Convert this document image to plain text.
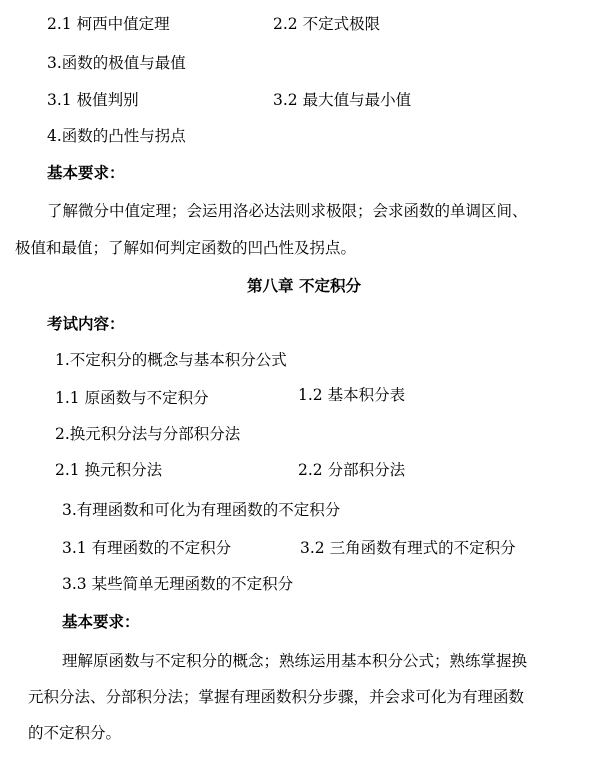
2.1 柯西中值定理	2.2 不定式极限
3.函数的极值与最值
3.1 极值判别	3.2 最大值与最小值
4.函数的凸性与拐点
基本要求：
了解微分中值定理；会运用洛必达法则求极限；会求函数的单调区间、
极值和最值；了解如何判定函数的凹凸性及拐点。
第八章 不定积分
考试内容：
1.不定积分的概念与基本积分公式
1.1 原函数与不定积分	1.2 基本积分表
2.换元积分法与分部积分法
2.1 换元积分法	2.2 分部积分法
3.有理函数和可化为有理函数的不定积分
3.1 有理函数的不定积分	3.2 三角函数有理式的不定积分
3.3 某些简单无理函数的不定积分
基本要求：
理解原函数与不定积分的概念；熟练运用基本积分公式；熟练掌握换
元积分法、分部积分法；掌握有理函数积分步骤，并会求可化为有理函数
的不定积分。
